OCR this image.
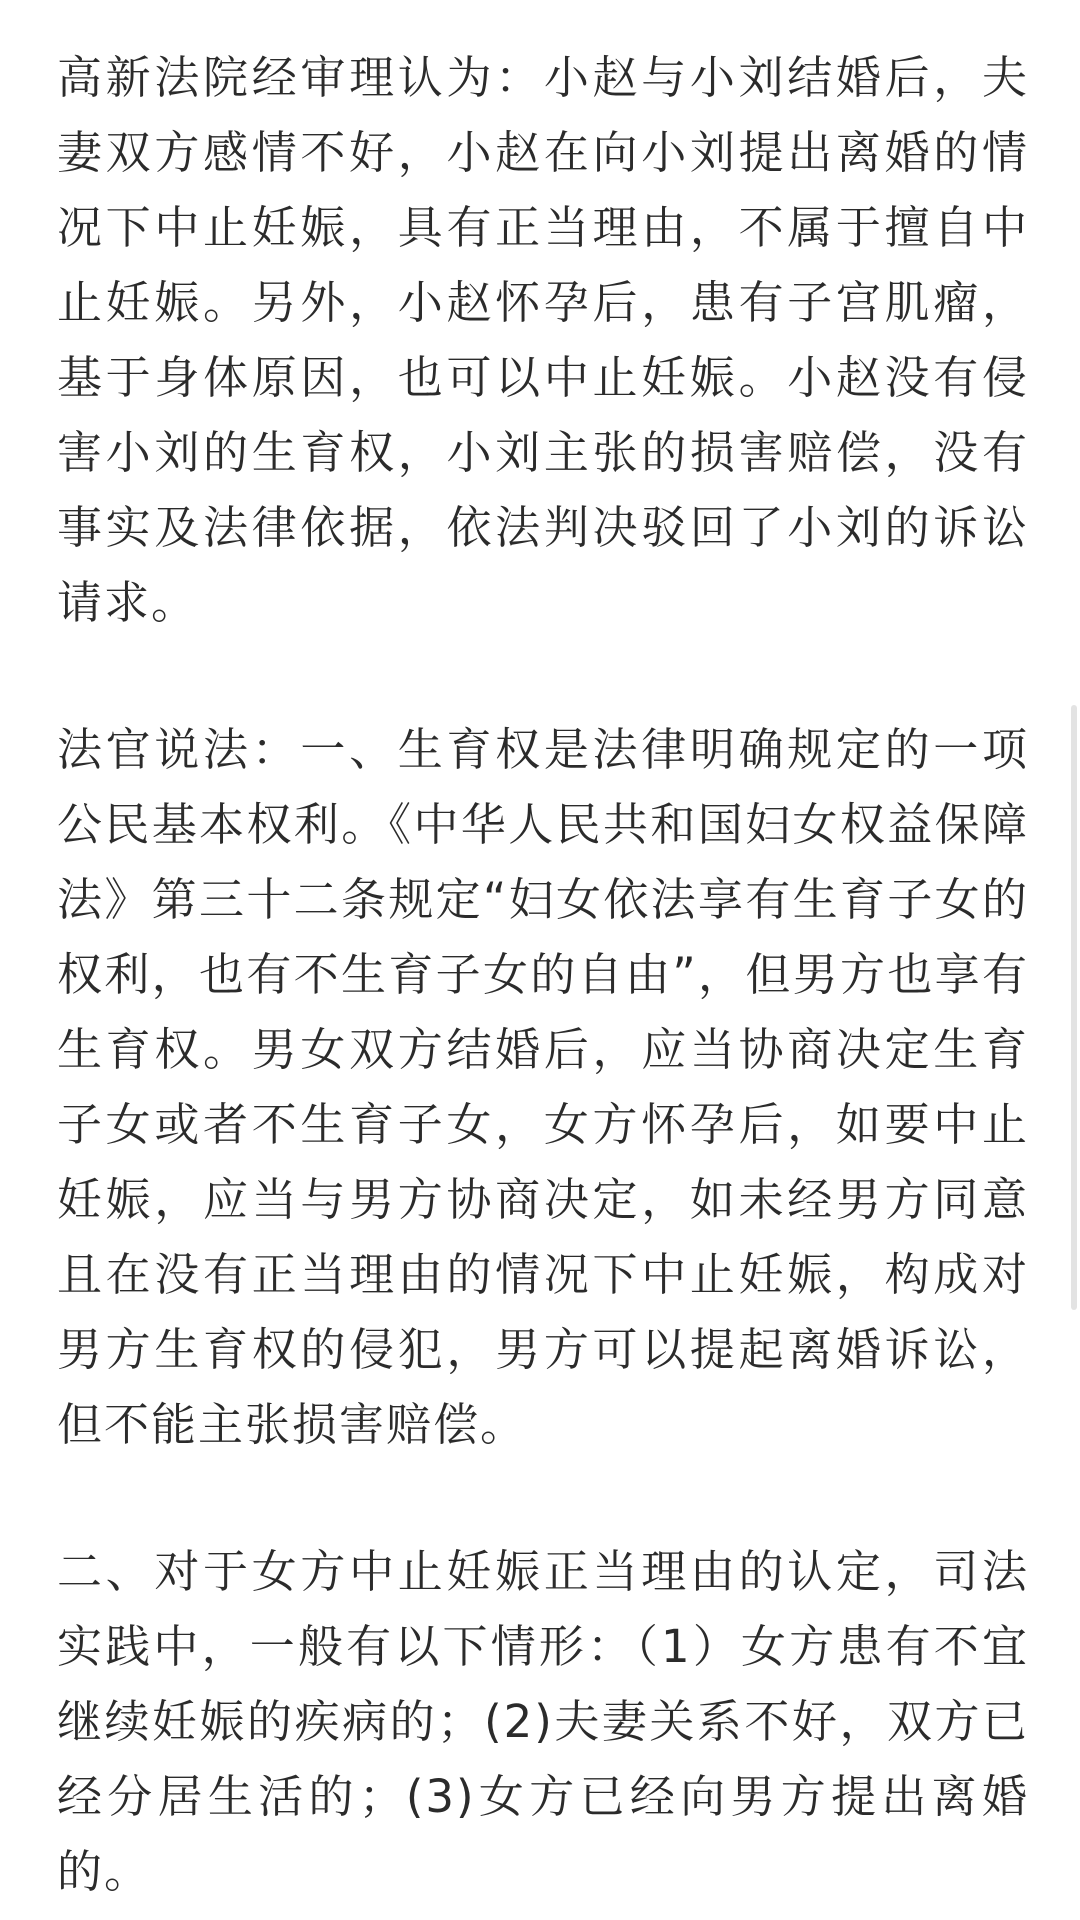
高新法院经审理认为：小赵与小刘结婚后，夫妻双方感情不好，小赵在向小刘提出离婚的情况下中止妊娠，具有正当理由，不属于擅自中止妊娠。另外，小赵怀孕后，患有子宫肌瘤，基于身体原因，也可以中止妊娠。小赵没有侵害小刘的生育权，小刘主张的损害赔偿，没有事实及法律依据，依法判决驳回了小刘的诉讼请求。

法官说法：一、生育权是法律明确规定的一项公民基本权利。《中华人民共和国妇女权益保障法》第三十二条规定“妇女依法享有生育子女的权利，也有不生育子女的自由”，但男方也享有生育权。男女双方结婚后，应当协商决定生育子女或者不生育子女，女方怀孕后，如要中止妊娠，应当与男方协商决定，如未经男方同意且在没有正当理由的情况下中止妊娠，构成对男方生育权的侵犯，男方可以提起离婚诉讼，但不能主张损害赔偿。

二、对于女方中止妊娠正当理由的认定，司法实践中，一般有以下情形：（1）女方患有不宜继续妊娠的疾病的；(2)夫妻关系不好，双方已经分居生活的；(3)女方已经向男方提出离婚的。
